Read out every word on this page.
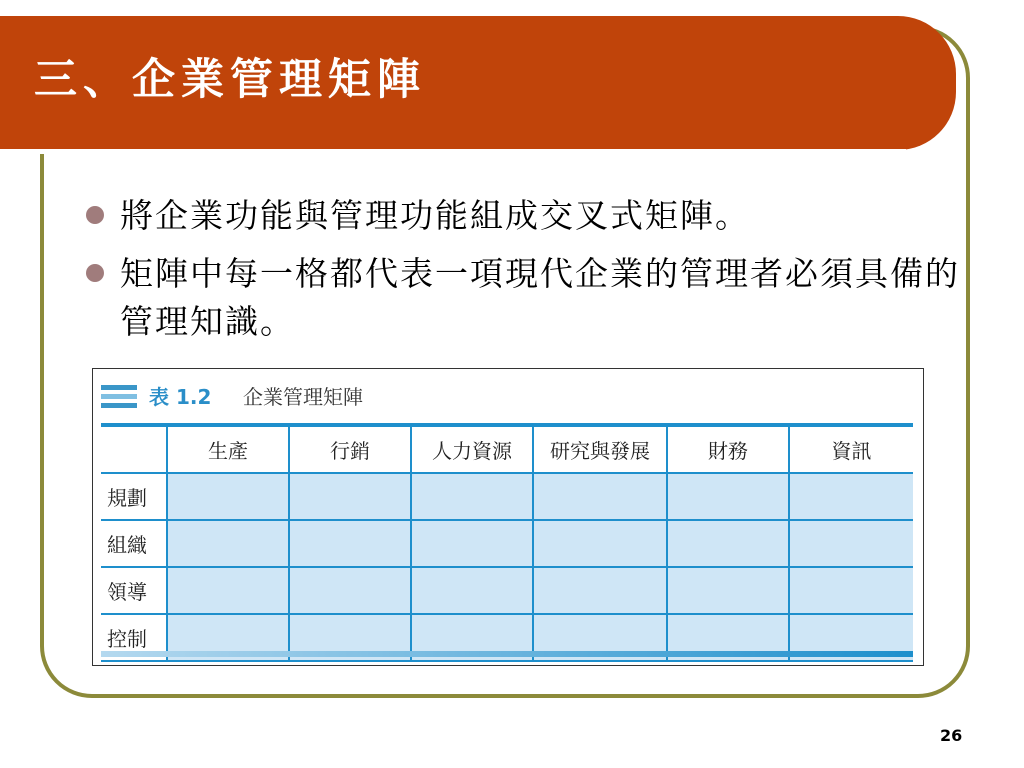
三、企業管理矩陣
將企業功能與管理功能組成交叉式矩陣。
矩陣中每一格都代表一項現代企業的管理者必須具備的管理知識。
表 1.2 企業管理矩陣
	生產	行銷	人力資源	研究與發展	財務	資訊
規劃						
組織						
領導						
控制						
26
